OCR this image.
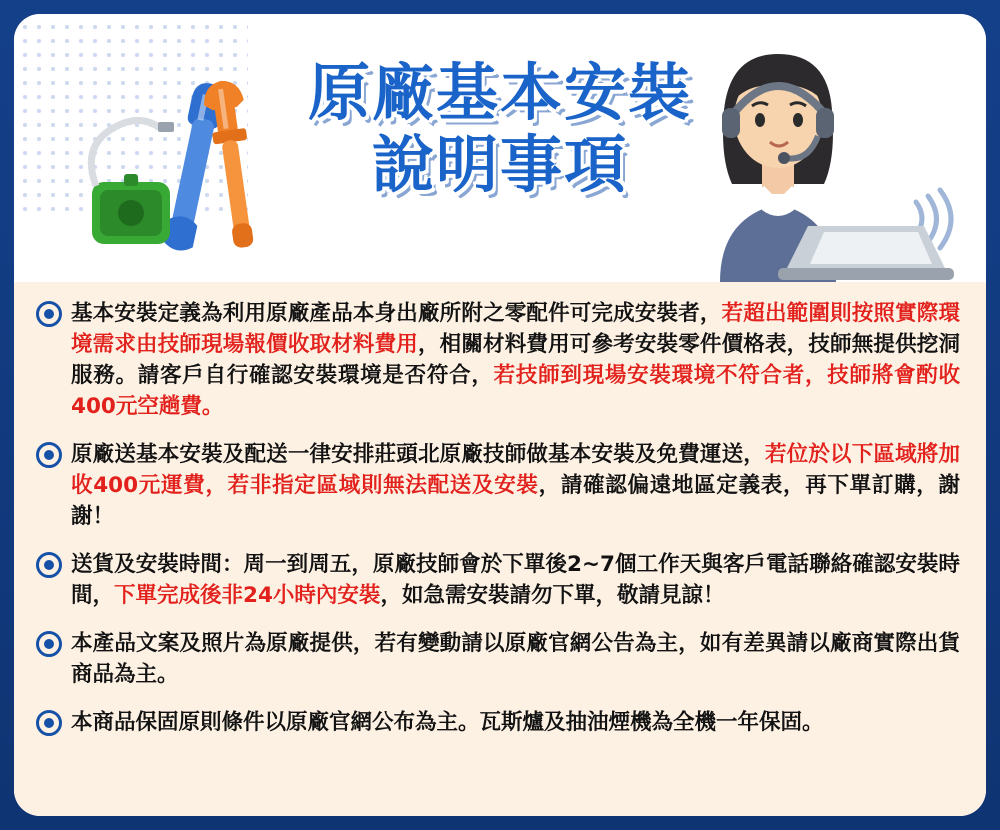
原廠基本安裝
說明事項
基本安裝定義為利用原廠產品本身出廠所附之零配件可完成安裝者，若超出範圍則按照實際環境需求由技師現場報價收取材料費用，相關材料費用可參考安裝零件價格表，技師無提供挖洞服務。請客戶自行確認安裝環境是否符合，若技師到現場安裝環境不符合者，技師將會酌收400元空趟費。
原廠送基本安裝及配送一律安排莊頭北原廠技師做基本安裝及免費運送，若位於以下區域將加收400元運費，若非指定區域則無法配送及安裝，請確認偏遠地區定義表，再下單訂購，謝謝！
送貨及安裝時間：周一到周五，原廠技師會於下單後2~7個工作天與客戶電話聯絡確認安裝時間，下單完成後非24小時內安裝，如急需安裝請勿下單，敬請見諒！
本產品文案及照片為原廠提供，若有變動請以原廠官網公告為主，如有差異請以廠商實際出貨商品為主。
本商品保固原則條件以原廠官網公布為主。瓦斯爐及抽油煙機為全機一年保固。
